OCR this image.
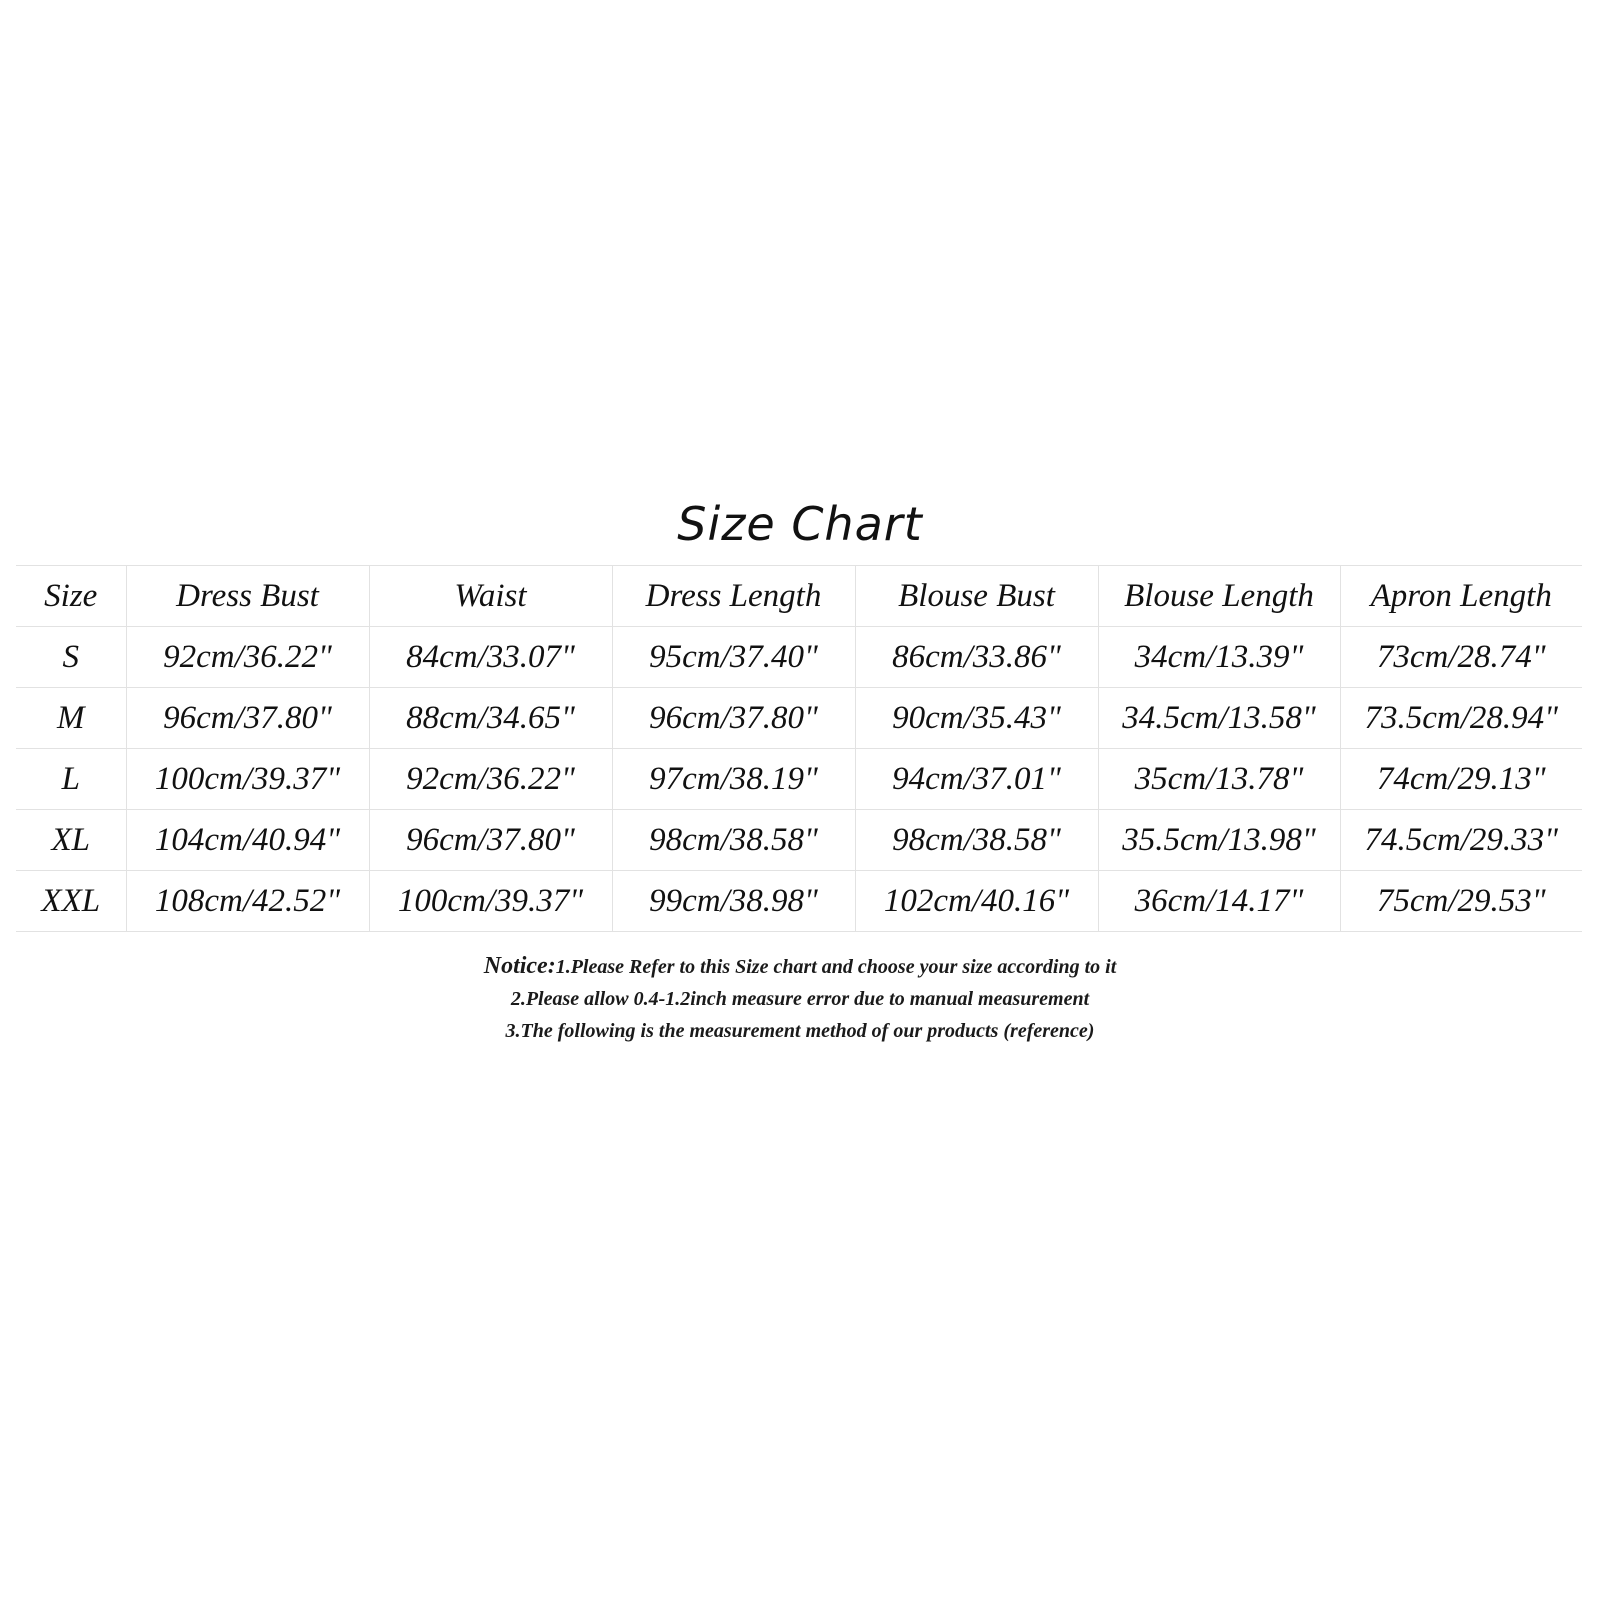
Size Chart
Size	Dress Bust	Waist	Dress Length	Blouse Bust	Blouse Length	Apron Length
S	92cm/36.22"	84cm/33.07"	95cm/37.40"	86cm/33.86"	34cm/13.39"	73cm/28.74"
M	96cm/37.80"	88cm/34.65"	96cm/37.80"	90cm/35.43"	34.5cm/13.58"	73.5cm/28.94"
L	100cm/39.37"	92cm/36.22"	97cm/38.19"	94cm/37.01"	35cm/13.78"	74cm/29.13"
XL	104cm/40.94"	96cm/37.80"	98cm/38.58"	98cm/38.58"	35.5cm/13.98"	74.5cm/29.33"
XXL	108cm/42.52"	100cm/39.37"	99cm/38.98"	102cm/40.16"	36cm/14.17"	75cm/29.53"
Notice:1.Please Refer to this Size chart and choose your size according to it
2.Please allow 0.4-1.2inch measure error due to manual measurement
3.The following is the measurement method of our products (reference)
